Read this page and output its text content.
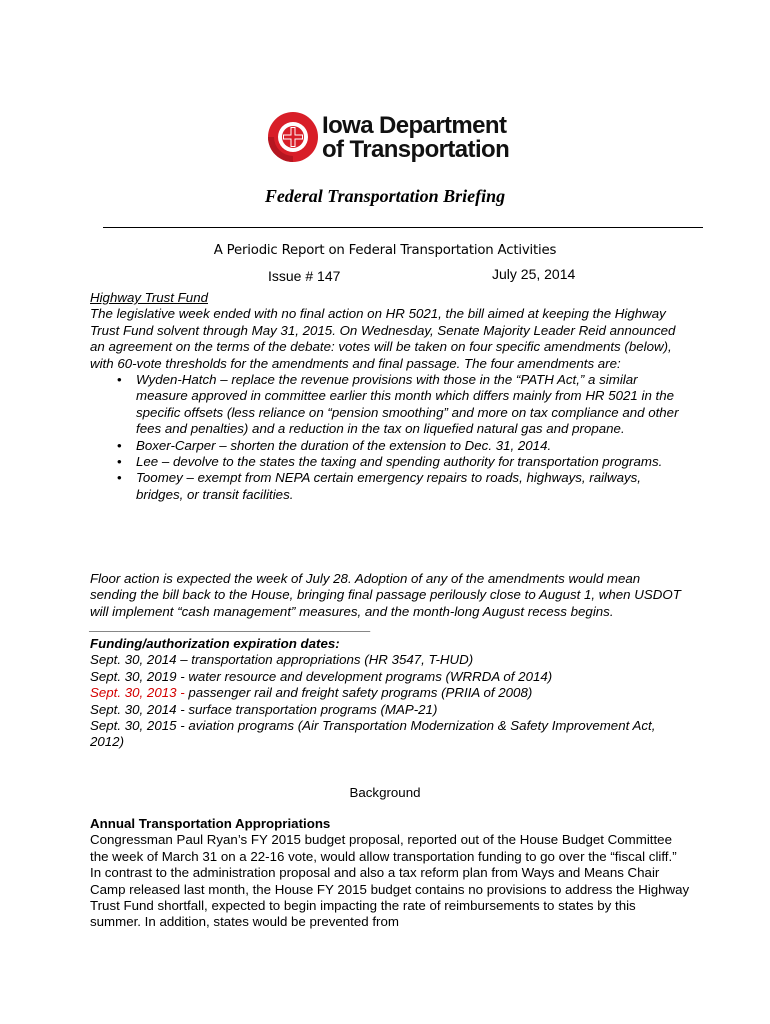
Iowa Department
of Transportation
Federal Transportation Briefing
A Periodic Report on Federal Transportation Activities
Issue # 147	July 25, 2014

Highway Trust Fund

The legislative week ended with no final action on HR 5021, the bill aimed at keeping the Highway Trust Fund solvent through May 31, 2015. On Wednesday, Senate Majority Leader Reid announced an agreement on the terms of the debate: votes will be taken on four specific amendments (below), with 60-vote thresholds for the amendments and final passage. The four amendments are:

• Wyden-Hatch – replace the revenue provisions with those in the “PATH Act,” a similar measure approved in committee earlier this month which differs mainly from HR 5021 in the specific offsets (less reliance on “pension smoothing” and more on tax compliance and other fees and penalties) and a reduction in the tax on liquefied natural gas and propane.
• Boxer-Carper – shorten the duration of the extension to Dec. 31, 2014.
• Lee – devolve to the states the taxing and spending authority for transportation programs.
• Toomey – exempt from NEPA certain emergency repairs to roads, highways, railways, bridges, or transit facilities.

Floor action is expected the week of July 28. Adoption of any of the amendments would mean sending the bill back to the House, bringing final passage perilously close to August 1, when USDOT will implement “cash management” measures, and the month-long August recess begins.

______________________________________

Funding/authorization expiration dates:
Sept. 30, 2014 – transportation appropriations (HR 3547, T-HUD)
Sept. 30, 2019 - water resource and development programs (WRRDA of 2014)
Sept. 30, 2013 - passenger rail and freight safety programs (PRIIA of 2008)
Sept. 30, 2014 - surface transportation programs (MAP-21)
Sept. 30, 2015 - aviation programs (Air Transportation Modernization & Safety Improvement Act, 2012)
Background

Annual Transportation Appropriations

Congressman Paul Ryan’s FY 2015 budget proposal, reported out of the House Budget Committee the week of March 31 on a 22-16 vote, would allow transportation funding to go over the “fiscal cliff.” In contrast to the administration proposal and also a tax reform plan from Ways and Means Chair Camp released last month, the House FY 2015 budget contains no provisions to address the Highway Trust Fund shortfall, expected to begin impacting the rate of reimbursements to states by this summer. In addition, states would be prevented from
